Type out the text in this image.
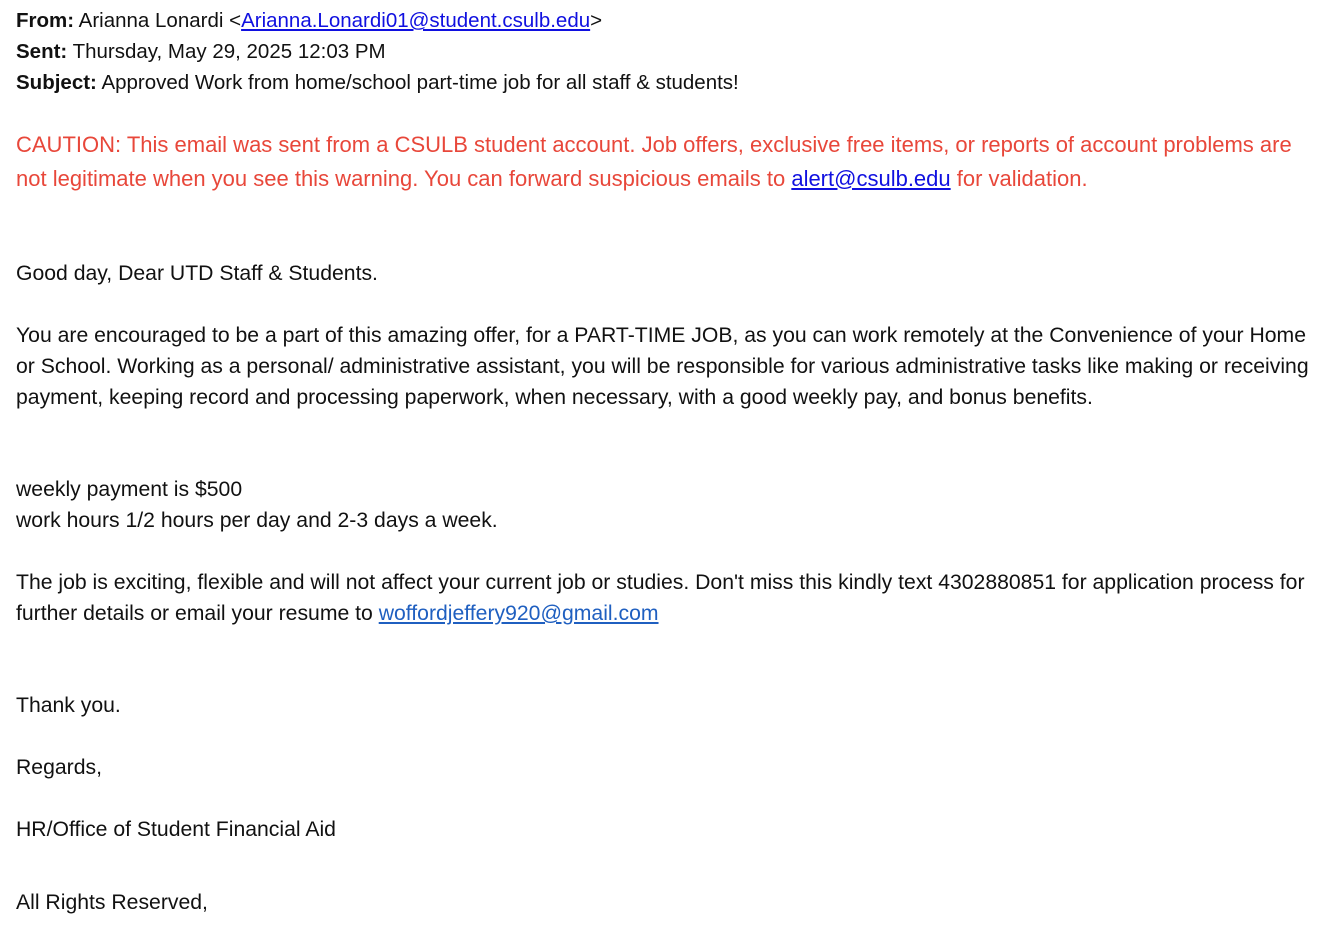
From: Arianna Lonardi <Arianna.Lonardi01@student.csulb.edu>
Sent: Thursday, May 29, 2025 12:03 PM
Subject: Approved Work from home/school part-time job for all staff & students!
CAUTION: This email was sent from a CSULB student account. Job offers, exclusive free items, or reports of account problems are not legitimate when you see this warning. You can forward suspicious emails to alert@csulb.edu for validation.
Good day, Dear UTD Staff & Students.
You are encouraged to be a part of this amazing offer, for a PART-TIME JOB, as you can work remotely at the Convenience of your Home or School. Working as a personal/ administrative assistant, you will be responsible for various administrative tasks like making or receiving payment, keeping record and processing paperwork, when necessary, with a good weekly pay, and bonus benefits.
weekly payment is $500
work hours 1/2 hours per day and 2-3 days a week.
The job is exciting, flexible and will not affect your current job or studies. Don't miss this kindly text 4302880851 for application process for further details or email your resume to woffordjeffery920@gmail.com
Thank you.
Regards,
HR/Office of Student Financial Aid
All Rights Reserved,
